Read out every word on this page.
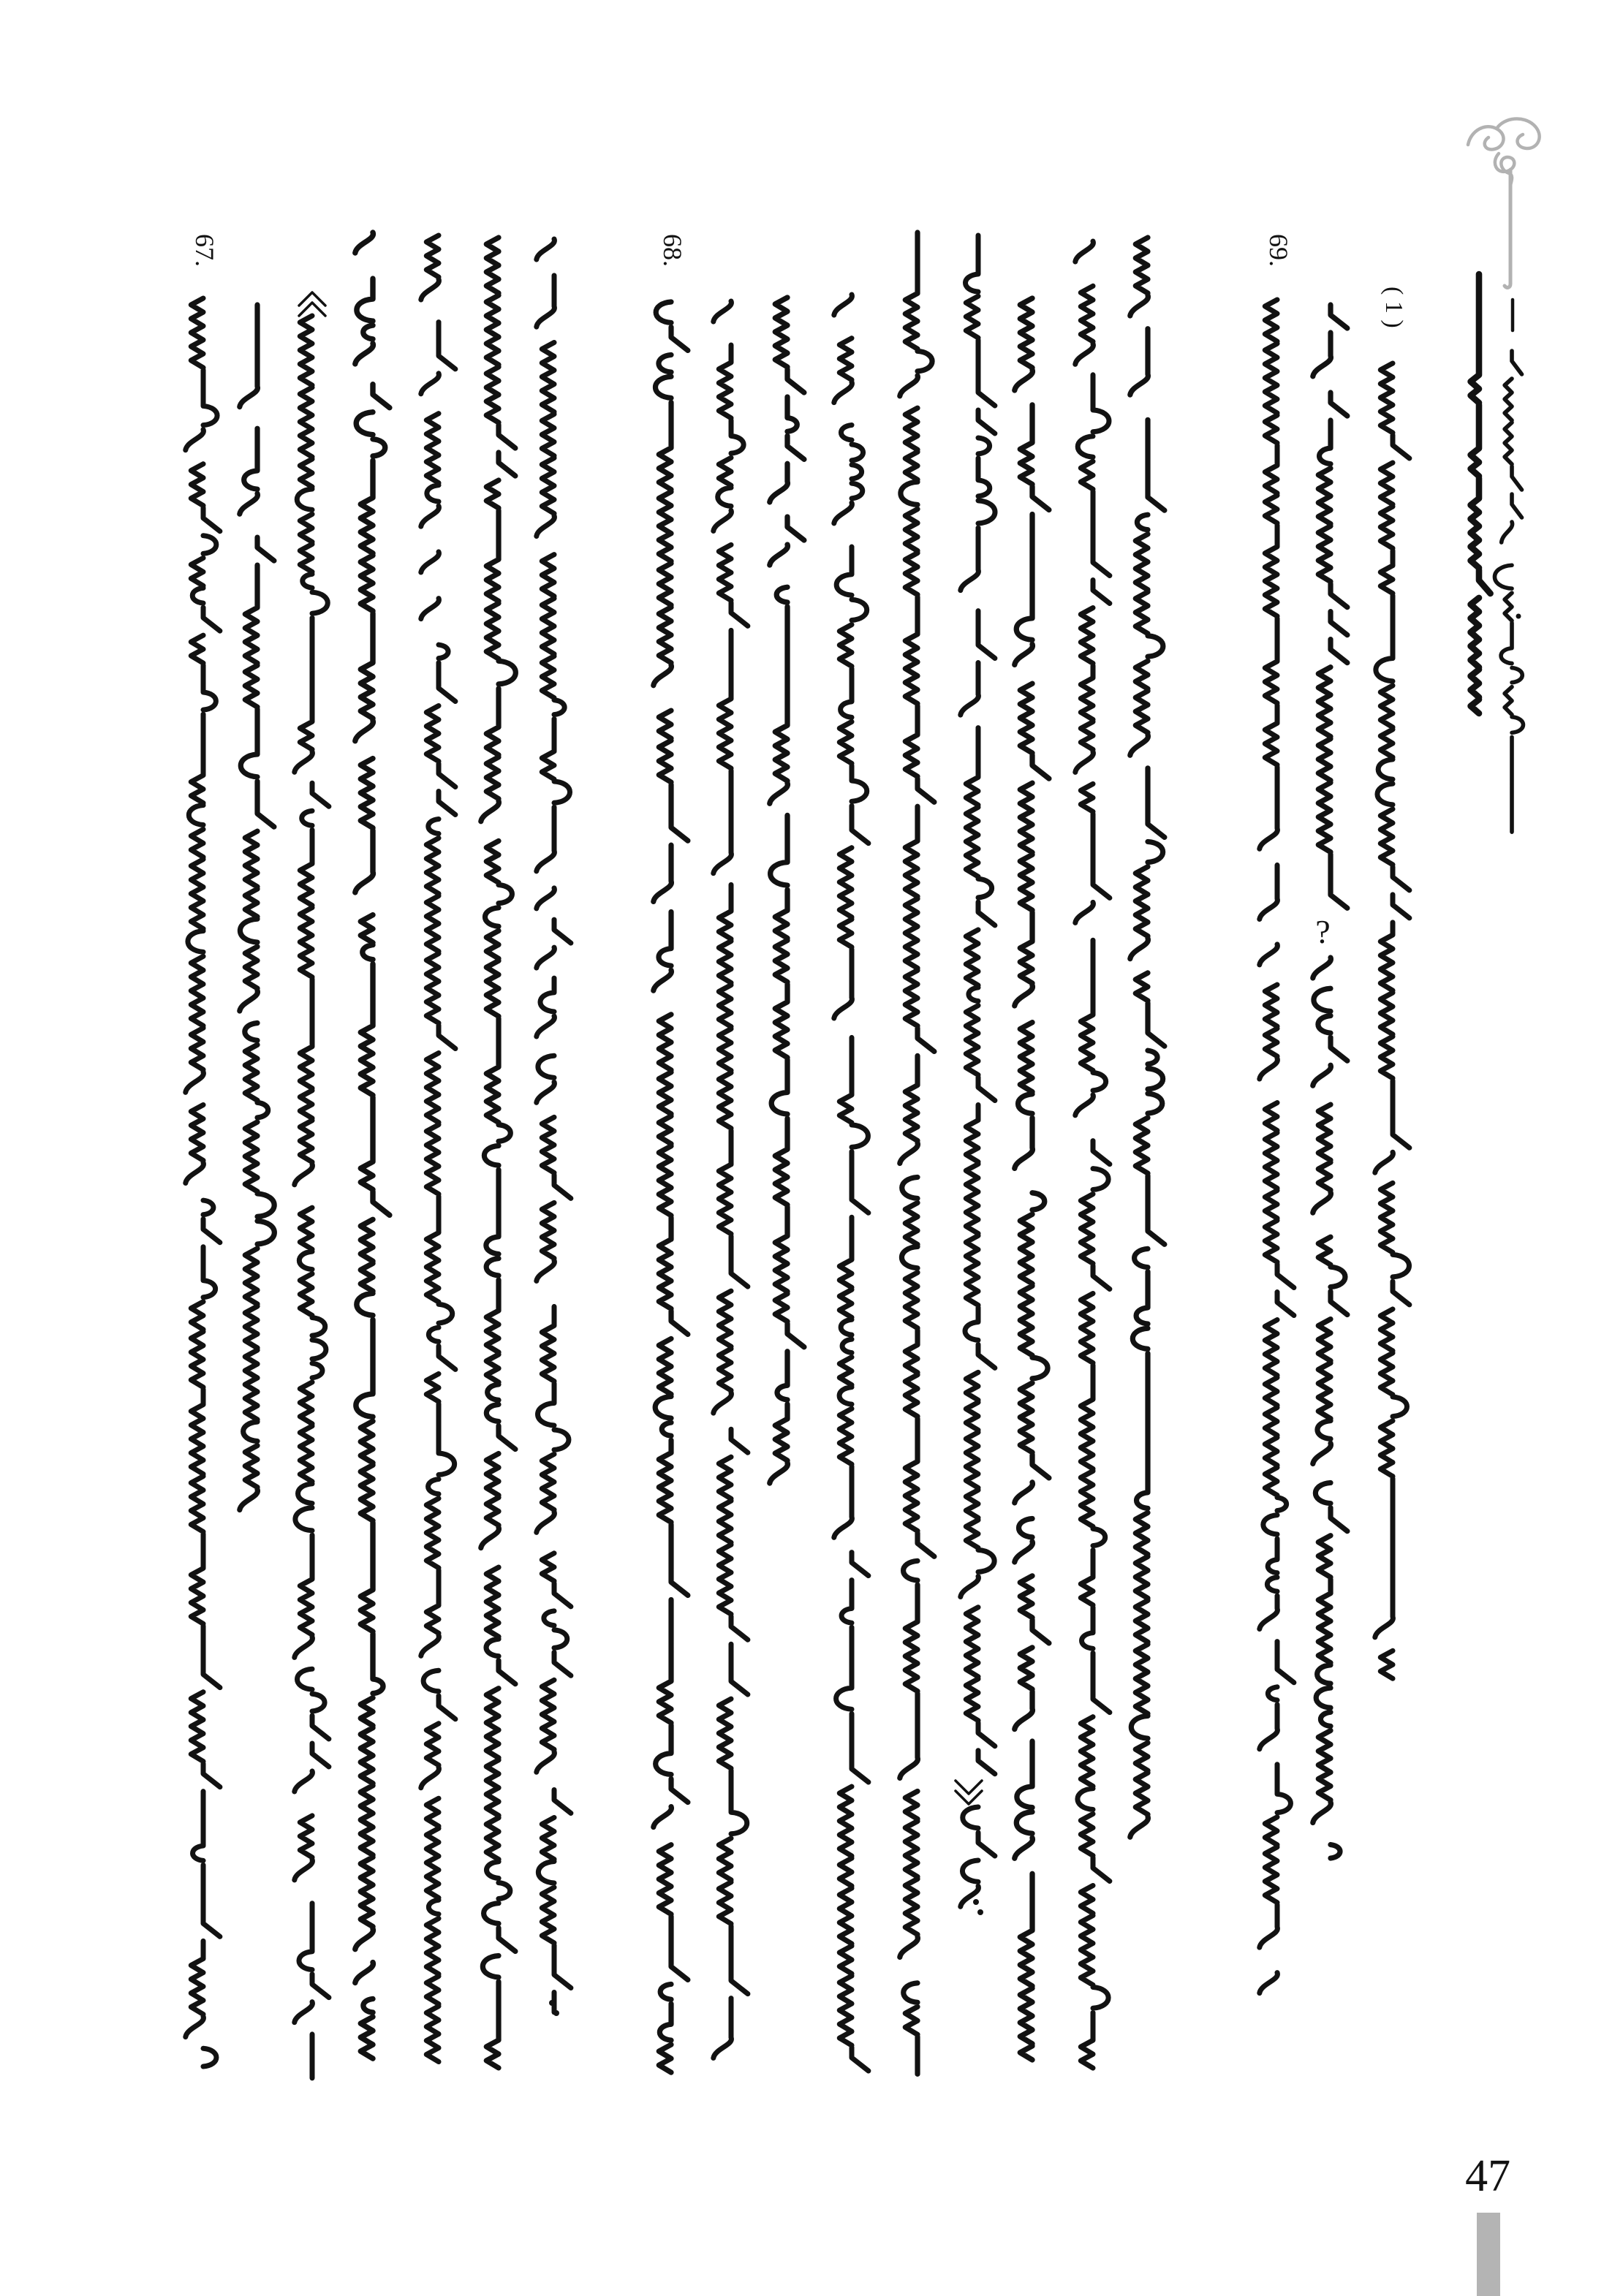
67.	68.	69.
( 1 )
?
47
